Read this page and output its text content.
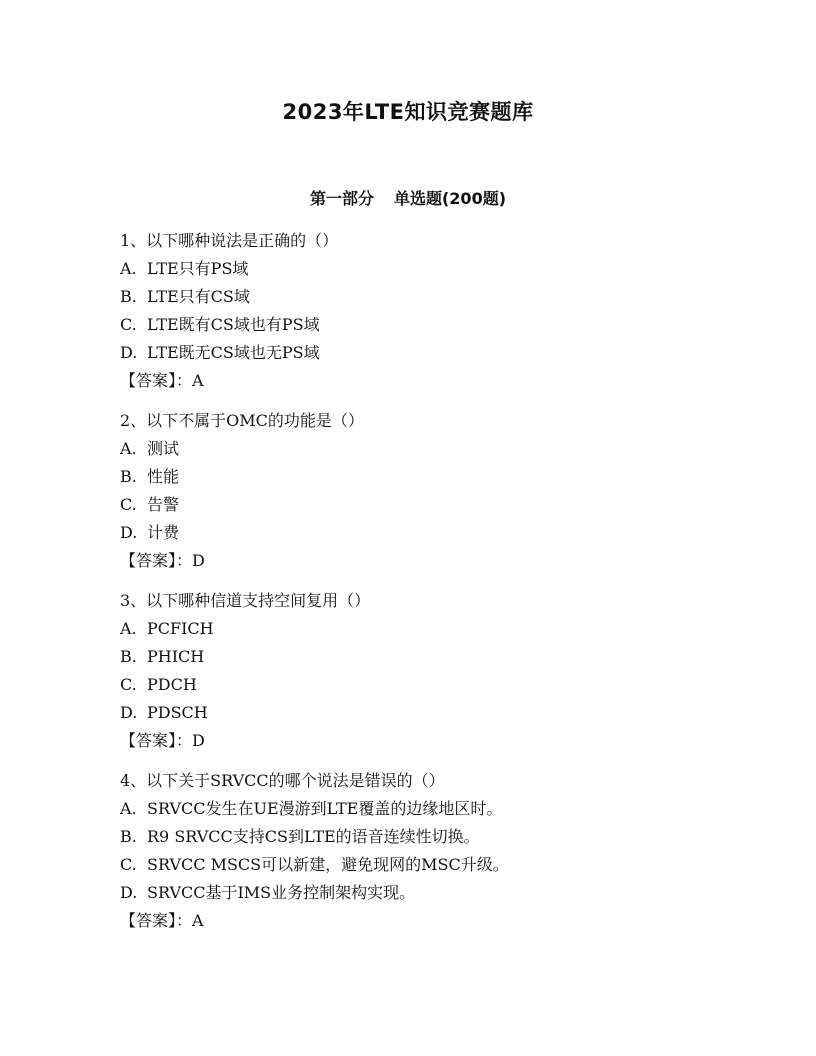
2023年LTE知识竞赛题库
第一部分 单选题(200题)
1、以下哪种说法是正确的（）
A. LTE只有PS域
B. LTE只有CS域
C. LTE既有CS域也有PS域
D. LTE既无CS域也无PS域
【答案】：A
2、以下不属于OMC的功能是（）
A. 测试
B. 性能
C. 告警
D. 计费
【答案】：D
3、以下哪种信道支持空间复用（）
A. PCFICH
B. PHICH
C. PDCH
D. PDSCH
【答案】：D
4、以下关于SRVCC的哪个说法是错误的（）
A. SRVCC发生在UE漫游到LTE覆盖的边缘地区时。
B. R9 SRVCC支持CS到LTE的语音连续性切换。
C. SRVCC MSCS可以新建，避免现网的MSC升级。
D. SRVCC基于IMS业务控制架构实现。
【答案】：A
